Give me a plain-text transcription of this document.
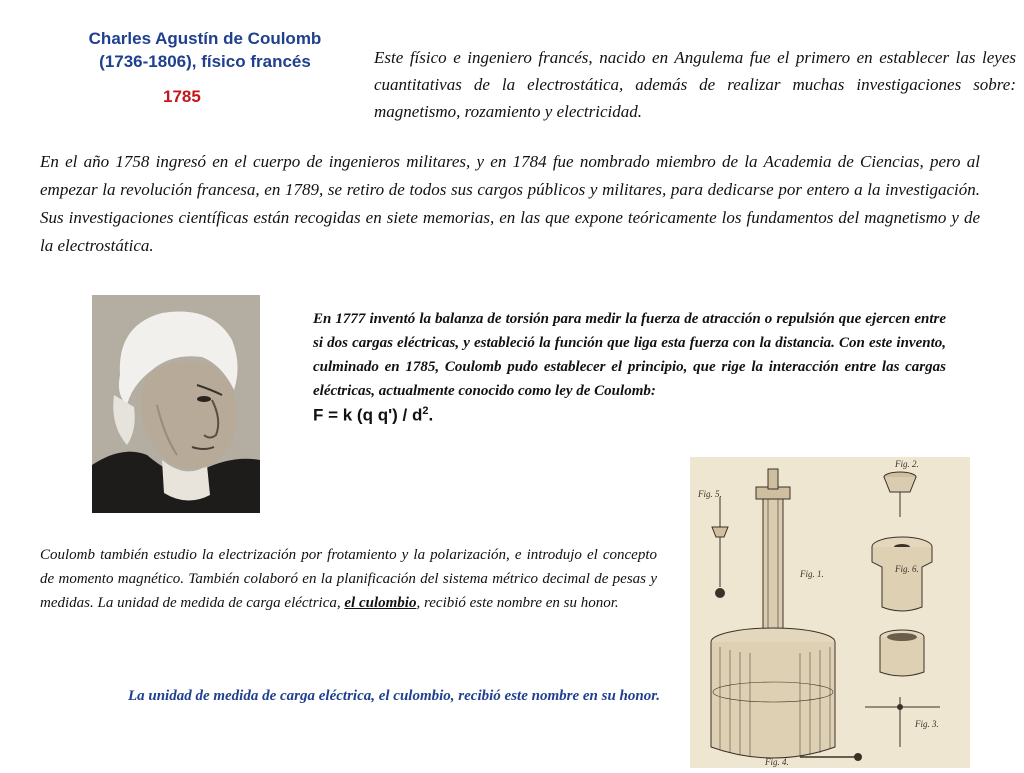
Charles Agustín de Coulomb
(1736-1806), físico francés
1785
Este físico e ingeniero francés, nacido en Angulema fue el primero en establecer las leyes cuantitativas de la electrostática, además de realizar muchas investigaciones sobre: magnetismo, rozamiento y electricidad.
En el año 1758 ingresó en el cuerpo de ingenieros militares, y en 1784 fue nombrado miembro de la Academia de Ciencias, pero al empezar la revolución francesa, en 1789, se retiro de todos sus cargos públicos y militares, para dedicarse por entero a la investigación. Sus investigaciones científicas están recogidas en siete memorias, en las que expone teóricamente los fundamentos del magnetismo y de la electrostática.
En 1777 inventó la balanza de torsión para medir la fuerza de atracción o repulsión que ejercen entre si dos cargas eléctricas, y estableció la función que liga esta fuerza con la distancia. Con este invento, culminado en 1785, Coulomb pudo establecer el principio, que rige la interacción entre las cargas eléctricas, actualmente conocido como ley de Coulomb:
F = k (q $q') / d^2$.
Coulomb también estudio la electrización por frotamiento y la polarización, e introdujo el concepto de momento magnético. También colaboró en la planificación del sistema métrico decimal de pesas y medidas. La unidad de medida de carga eléctrica, el culombio, recibió este nombre en su honor.
La unidad de medida de carga eléctrica, el culombio, recibió este nombre en su honor.
Fig. 5.
Fig. 1.
Fig. 2.
Fig. 6.
Fig. 3.
Fig. 4.
